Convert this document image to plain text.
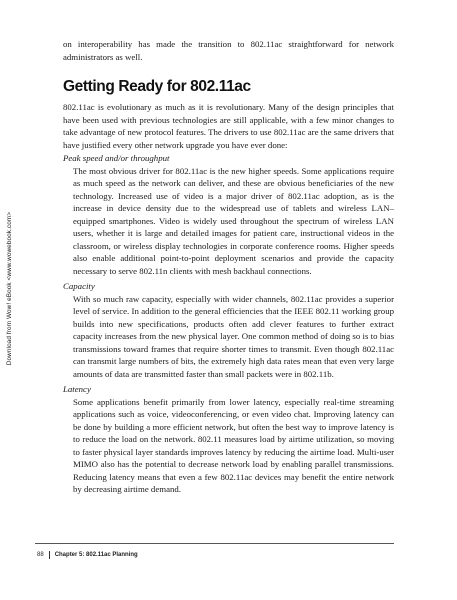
Download from Wow! eBook <www.wowebook.com>

on interoperability has made the transition to 802.11ac straightforward for network administrators as well.

Getting Ready for 802.11ac

802.11ac is evolutionary as much as it is revolutionary. Many of the design principles that have been used with previous technologies are still applicable, with a few minor changes to take advantage of new protocol features. The drivers to use 802.11ac are the same drivers that have justified every other network upgrade you have ever done:

Peak speed and/or throughput

The most obvious driver for 802.11ac is the new higher speeds. Some applications require as much speed as the network can deliver, and these are obvious beneficiaries of the new technology. Increased use of video is a major driver of 802.11ac adoption, as is the increase in device density due to the widespread use of tablets and wireless LAN–equipped smartphones. Video is widely used throughout the spectrum of wireless LAN users, whether it is large and detailed images for patient care, instructional videos in the classroom, or wireless display technologies in corporate conference rooms. Higher speeds also enable additional point-to-point deployment scenarios and provide the capacity necessary to serve 802.11n clients with mesh backhaul connections.

Capacity

With so much raw capacity, especially with wider channels, 802.11ac provides a superior level of service. In addition to the general efficiencies that the IEEE 802.11 working group builds into new specifications, products often add clever features to further extract capacity increases from the new physical layer. One common method of doing so is to bias transmissions toward frames that require shorter times to transmit. Even though 802.11ac can transmit large numbers of bits, the extremely high data rates mean that even very large amounts of data are transmitted faster than small packets were in 802.11b.

Latency

Some applications benefit primarily from lower latency, especially real-time streaming applications such as voice, videoconferencing, or even video chat. Improving latency can be done by building a more efficient network, but often the best way to improve latency is to reduce the load on the network. 802.11 measures load by airtime utilization, so moving to faster physical layer standards improves latency by reducing the airtime load. Multi-user MIMO also has the potential to decrease network load by enabling parallel transmissions. Reducing latency means that even a few 802.11ac devices may benefit the entire network by decreasing airtime demand.

88 Chapter 5: 802.11ac Planning
